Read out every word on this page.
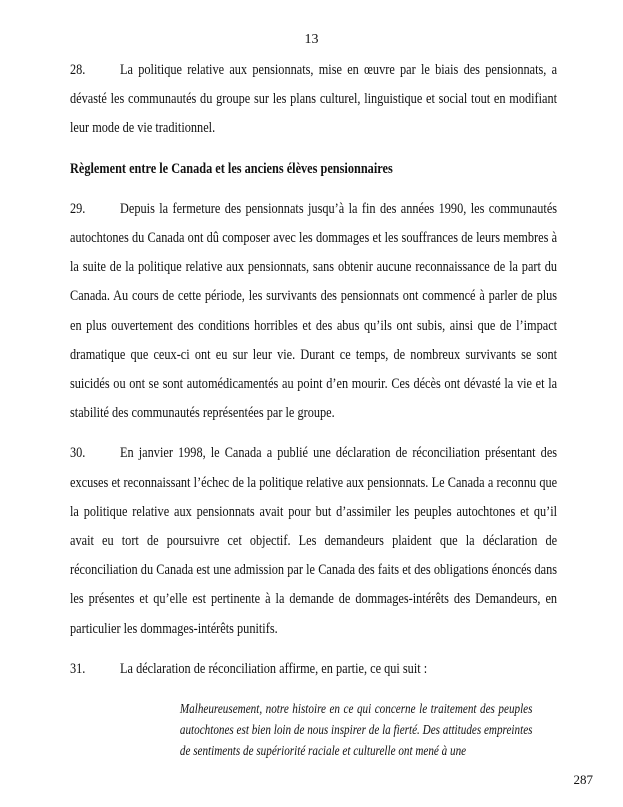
13

28. La politique relative aux pensionnats, mise en œuvre par le biais des pensionnats, a dévasté les communautés du groupe sur les plans culturel, linguistique et social tout en modifiant leur mode de vie traditionnel.

Règlement entre le Canada et les anciens élèves pensionnaires

29. Depuis la fermeture des pensionnats jusqu’à la fin des années 1990, les communautés autochtones du Canada ont dû composer avec les dommages et les souffrances de leurs membres à la suite de la politique relative aux pensionnats, sans obtenir aucune reconnaissance de la part du Canada. Au cours de cette période, les survivants des pensionnats ont commencé à parler de plus en plus ouvertement des conditions horribles et des abus qu’ils ont subis, ainsi que de l’impact dramatique que ceux-ci ont eu sur leur vie. Durant ce temps, de nombreux survivants se sont suicidés ou ont se sont automédicamentés au point d’en mourir. Ces décès ont dévasté la vie et la stabilité des communautés représentées par le groupe.

30. En janvier 1998, le Canada a publié une déclaration de réconciliation présentant des excuses et reconnaissant l’échec de la politique relative aux pensionnats. Le Canada a reconnu que la politique relative aux pensionnats avait pour but d’assimiler les peuples autochtones et qu’il avait eu tort de poursuivre cet objectif. Les demandeurs plaident que la déclaration de réconciliation du Canada est une admission par le Canada des faits et des obligations énoncés dans les présentes et qu’elle est pertinente à la demande de dommages-intérêts des Demandeurs, en particulier les dommages-intérêts punitifs.

31. La déclaration de réconciliation affirme, en partie, ce qui suit :

Malheureusement, notre histoire en ce qui concerne le traitement des peuples autochtones est bien loin de nous inspirer de la fierté. Des attitudes empreintes de sentiments de supériorité raciale et culturelle ont mené à une
287
